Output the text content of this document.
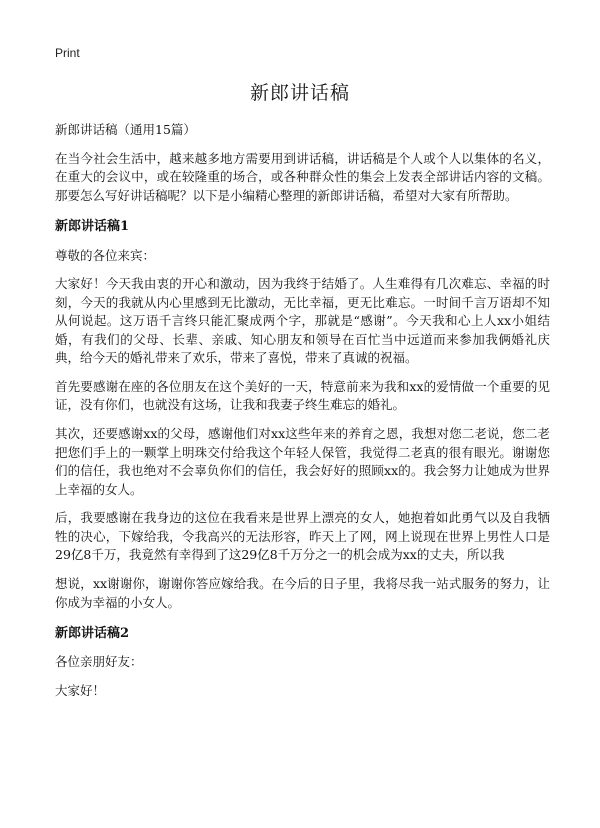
Print
新郎讲话稿

新郎讲话稿（通用15篇）

在当今社会生活中，越来越多地方需要用到讲话稿，讲话稿是个人或个人以集体的名义，在重大的会议中，或在较隆重的场合，或各种群众性的集会上发表全部讲话内容的文稿。那要怎么写好讲话稿呢？以下是小编精心整理的新郎讲话稿，希望对大家有所帮助。

新郎讲话稿1

尊敬的各位来宾：

大家好！今天我由衷的开心和激动，因为我终于结婚了。人生难得有几次难忘、幸福的时刻，今天的我就从内心里感到无比激动，无比幸福，更无比难忘。一时间千言万语却不知从何说起。这万语千言终只能汇聚成两个字，那就是“感谢”。今天我和心上人xx小姐结婚，有我们的父母、长辈、亲戚、知心朋友和领导在百忙当中远道而来参加我俩婚礼庆典，给今天的婚礼带来了欢乐，带来了喜悦，带来了真诚的祝福。

首先要感谢在座的各位朋友在这个美好的一天，特意前来为我和xx的爱情做一个重要的见证，没有你们，也就没有这场，让我和我妻子终生难忘的婚礼。

其次，还要感谢xx的父母，感谢他们对xx这些年来的养育之恩，我想对您二老说，您二老把您们手上的一颗掌上明珠交付给我这个年轻人保管，我觉得二老真的很有眼光。谢谢您们的信任，我也绝对不会辜负你们的信任，我会好好的照顾xx的。我会努力让她成为世界上幸福的女人。

后，我要感谢在我身边的这位在我看来是世界上漂亮的女人，她抱着如此勇气以及自我牺牲的决心，下嫁给我，令我高兴的无法形容，昨天上了网，网上说现在世界上男性人口是29亿8千万，我竟然有幸得到了这29亿8千万分之一的机会成为xx的丈夫，所以我

想说，xx谢谢你，谢谢你答应嫁给我。在今后的日子里，我将尽我一站式服务的努力，让你成为幸福的小女人。

新郎讲话稿2

各位亲朋好友：

大家好！
